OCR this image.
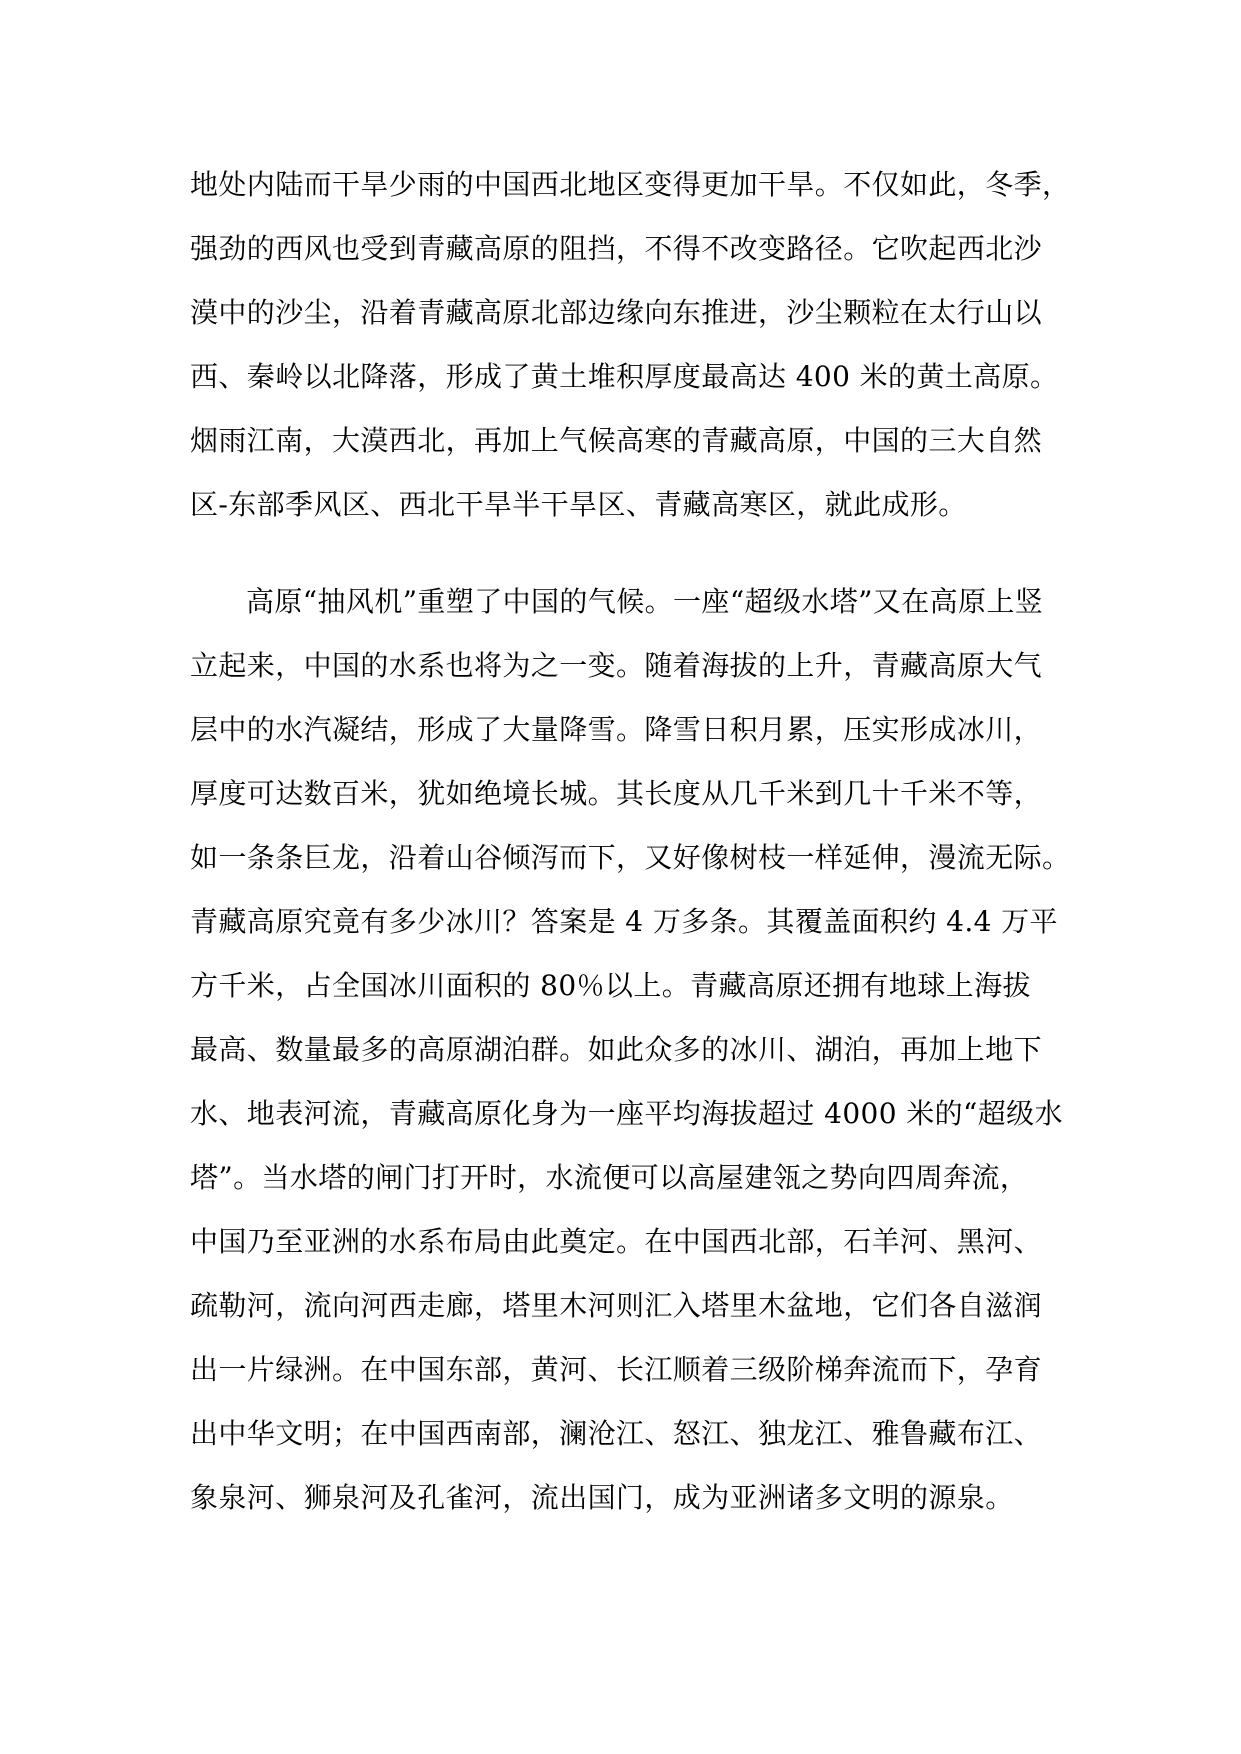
地处内陆而干旱少雨的中国西北地区变得更加干旱。不仅如此，冬季，
强劲的西风也受到青藏高原的阻挡，不得不改变路径。它吹起西北沙
漠中的沙尘，沿着青藏高原北部边缘向东推进，沙尘颗粒在太行山以
西、秦岭以北降落，形成了黄土堆积厚度最高达 400 米的黄土高原。
烟雨江南，大漠西北，再加上气候高寒的青藏高原，中国的三大自然
区-东部季风区、西北干旱半干旱区、青藏高寒区，就此成形。
高原“抽风机”重塑了中国的气候。一座“超级水塔”又在高原上竖
立起来，中国的水系也将为之一变。随着海拔的上升，青藏高原大气
层中的水汽凝结，形成了大量降雪。降雪日积月累，压实形成冰川，
厚度可达数百米，犹如绝境长城。其长度从几千米到几十千米不等，
如一条条巨龙，沿着山谷倾泻而下，又好像树枝一样延伸，漫流无际。
青藏高原究竟有多少冰川？答案是 4 万多条。其覆盖面积约 4.4 万平
方千米，占全国冰川面积的 80％以上。青藏高原还拥有地球上海拔
最高、数量最多的高原湖泊群。如此众多的冰川、湖泊，再加上地下
水、地表河流，青藏高原化身为一座平均海拔超过 4000 米的“超级水
塔”。当水塔的闸门打开时，水流便可以高屋建瓴之势向四周奔流，
中国乃至亚洲的水系布局由此奠定。在中国西北部，石羊河、黑河、
疏勒河，流向河西走廊，塔里木河则汇入塔里木盆地，它们各自滋润
出一片绿洲。在中国东部，黄河、长江顺着三级阶梯奔流而下，孕育
出中华文明；在中国西南部，澜沧江、怒江、独龙江、雅鲁藏布江、
象泉河、狮泉河及孔雀河，流出国门，成为亚洲诸多文明的源泉。
